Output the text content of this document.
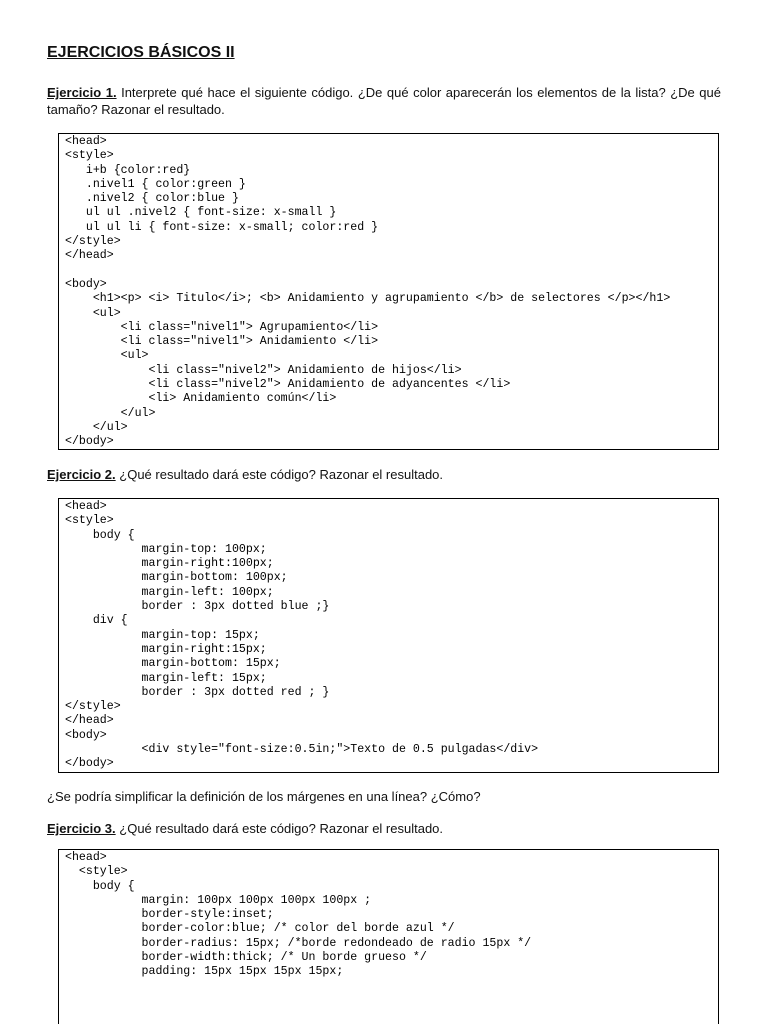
EJERCICIOS BÁSICOS II

Ejercicio 1. Interprete qué hace el siguiente código. ¿De qué color aparecerán los elementos de la lista? ¿De qué tamaño? Razonar el resultado.

<head>
<style>
i+b {color:red}
.nivel1 { color:green }
.nivel2 { color:blue }
ul ul .nivel2 { font-size: x-small }
ul ul li { font-size: x-small; color:red }
</style>
</head>

<body>
<h1><p> <i> Titulo</i>; <b> Anidamiento y agrupamiento </b> de selectores </p></h1>
<ul>
<li class="nivel1"> Agrupamiento</li>
<li class="nivel1"> Anidamiento </li>
<ul>
<li class="nivel2"> Anidamiento de hijos</li>
<li class="nivel2"> Anidamiento de adyancentes </li>
<li> Anidamiento común</li>
</ul>
</ul>
</body>

Ejercicio 2. ¿Qué resultado dará este código? Razonar el resultado.

<head>
<style>
body {
margin-top: 100px;
margin-right:100px;
margin-bottom: 100px;
margin-left: 100px;
border : 3px dotted blue ;}
div {
margin-top: 15px;
margin-right:15px;
margin-bottom: 15px;
margin-left: 15px;
border : 3px dotted red ; }
</style>
</head>
<body>
<div style="font-size:0.5in;">Texto de 0.5 pulgadas</div>
</body>

¿Se podría simplificar la definición de los márgenes en una línea? ¿Cómo?

Ejercicio 3. ¿Qué resultado dará este código? Razonar el resultado.

<head>
<style>
body {
margin: 100px 100px 100px 100px ;
border-style:inset;
border-color:blue; /* color del borde azul */
border-radius: 15px; /*borde redondeado de radio 15px */
border-width:thick; /* Un borde grueso */
padding: 15px 15px 15px 15px;
